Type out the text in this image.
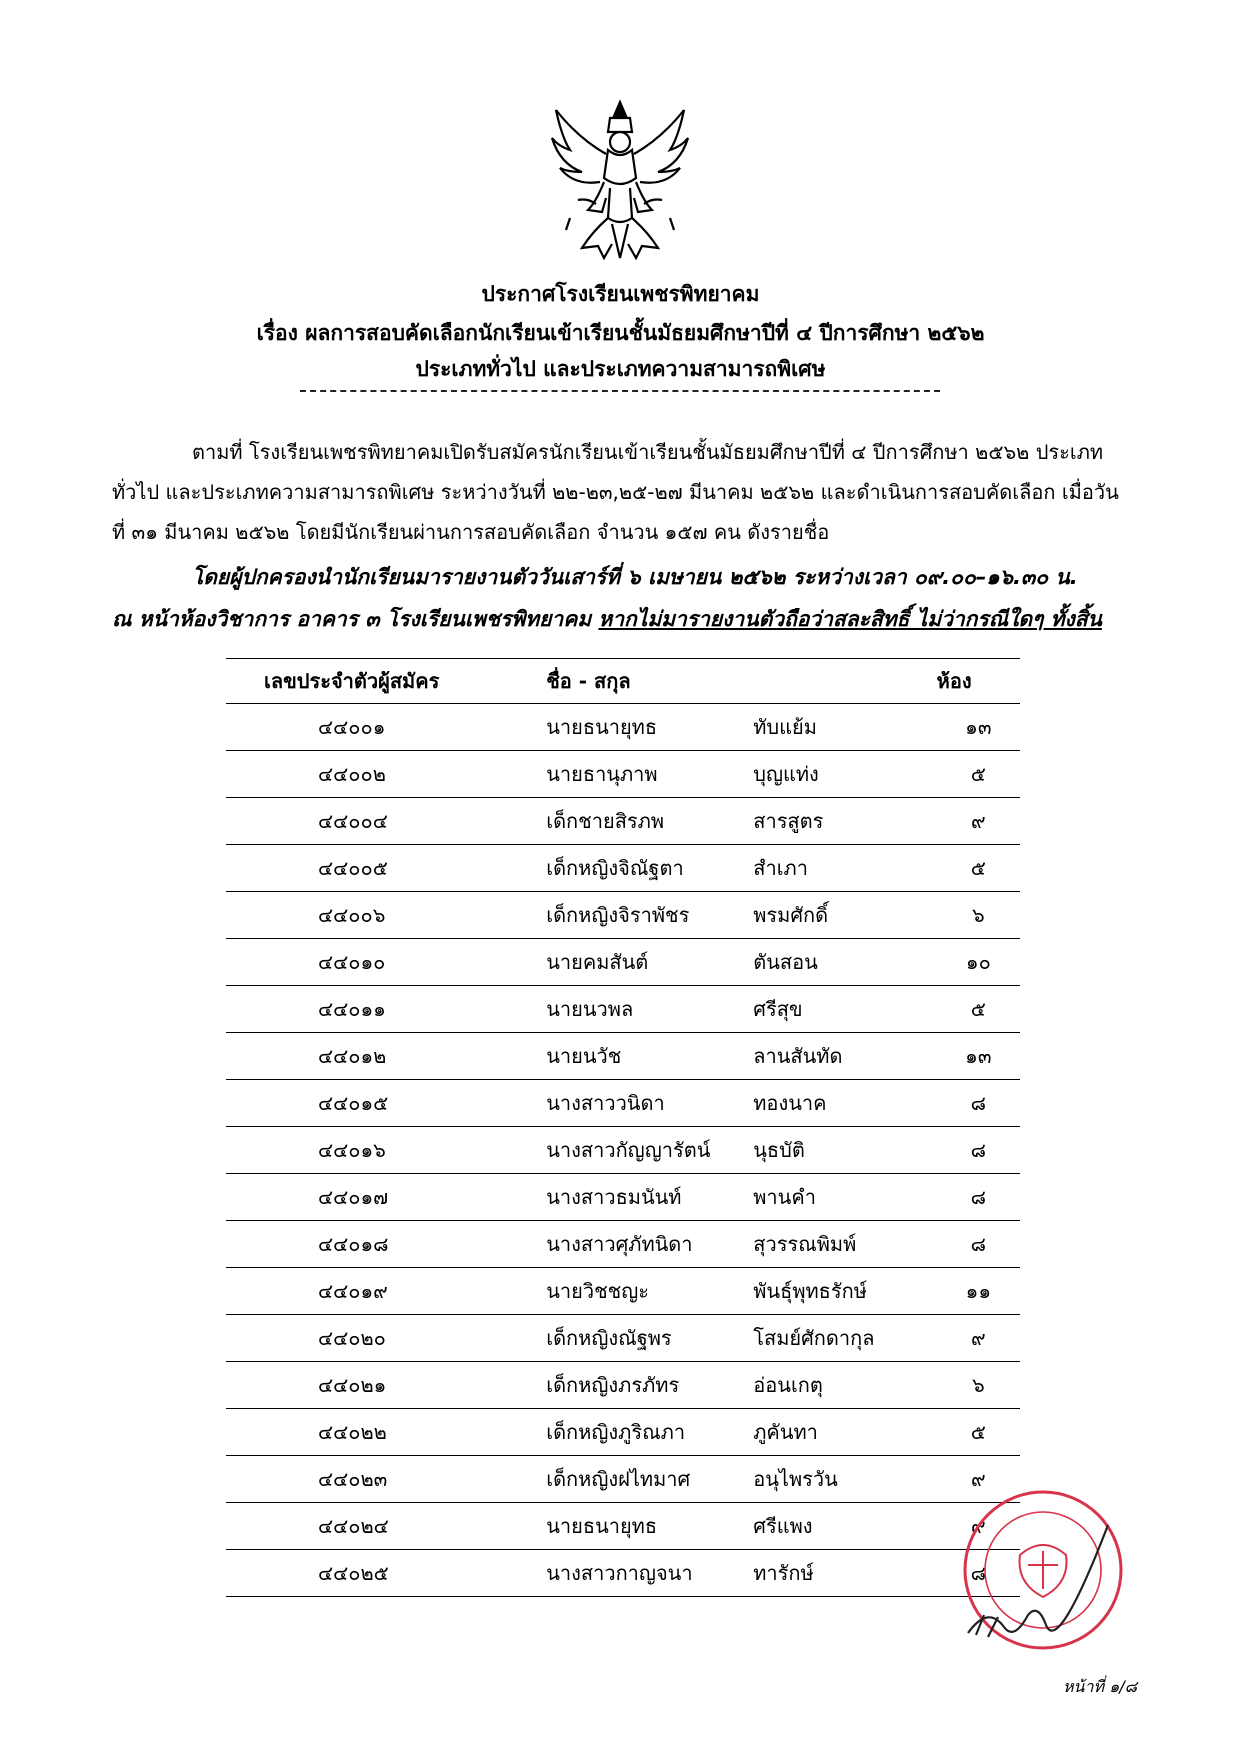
ประกาศโรงเรียนเพชรพิทยาคม
เรื่อง ผลการสอบคัดเลือกนักเรียนเข้าเรียนชั้นมัธยมศึกษาปีที่ ๔ ปีการศึกษา ๒๕๖๒
ประเภททั่วไป และประเภทความสามารถพิเศษ
ตามที่ โรงเรียนเพชรพิทยาคมเปิดรับสมัครนักเรียนเข้าเรียนชั้นมัธยมศึกษาปีที่ ๔ ปีการศึกษา ๒๕๖๒ ประเภททั่วไป และประเภทความสามารถพิเศษ ระหว่างวันที่ ๒๒-๒๓,๒๕-๒๗ มีนาคม ๒๕๖๒ และดำเนินการสอบคัดเลือก เมื่อวันที่ ๓๑ มีนาคม ๒๕๖๒ โดยมีนักเรียนผ่านการสอบคัดเลือก จำนวน ๑๕๗ คน ดังรายชื่อ
โดยผู้ปกครองนำนักเรียนมารายงานตัววันเสาร์ที่ ๖ เมษายน ๒๕๖๒ ระหว่างเวลา ๐๙.๐๐–๑๖.๓๐ น.
ณ หน้าห้องวิชาการ อาคาร ๓ โรงเรียนเพชรพิทยาคม หากไม่มารายงานตัวถือว่าสละสิทธิ์ ไม่ว่ากรณีใดๆ ทั้งสิ้น
เลขประจำตัวผู้สมัคร	ชื่อ - สกุล		ห้อง
๔๔๐๐๑	นายธนายุทธ	ทับแย้ม	๑๓
๔๔๐๐๒	นายธานุภาพ	บุญแท่ง	๕
๔๔๐๐๔	เด็กชายสิรภพ	สารสูตร	๙
๔๔๐๐๕	เด็กหญิงจิณัฐตา	สำเภา	๕
๔๔๐๐๖	เด็กหญิงจิราพัชร	พรมศักดิ์	๖
๔๔๐๑๐	นายคมสันต์	ตันสอน	๑๐
๔๔๐๑๑	นายนวพล	ศรีสุข	๕
๔๔๐๑๒	นายนวัช	ลานสันทัด	๑๓
๔๔๐๑๕	นางสาววนิดา	ทองนาค	๘
๔๔๐๑๖	นางสาวกัญญารัตน์	นุธบัติ	๘
๔๔๐๑๗	นางสาวธมนันท์	พานคำ	๘
๔๔๐๑๘	นางสาวศุภัทนิดา	สุวรรณพิมพ์	๘
๔๔๐๑๙	นายวิชชญะ	พันธุ์พุทธรักษ์	๑๑
๔๔๐๒๐	เด็กหญิงณัฐพร	โสมย์ศักดากุล	๙
๔๔๐๒๑	เด็กหญิงภรภัทร	อ่อนเกตุ	๖
๔๔๐๒๒	เด็กหญิงภูริณภา	ภูคันทา	๕
๔๔๐๒๓	เด็กหญิงฝไทมาศ	อนุไพรวัน	๙
๔๔๐๒๔	นายธนายุทธ	ศรีแพง	๙
๔๔๐๒๕	นางสาวกาญจนา	ทารักษ์	๘
หน้าที่ ๑/๘
